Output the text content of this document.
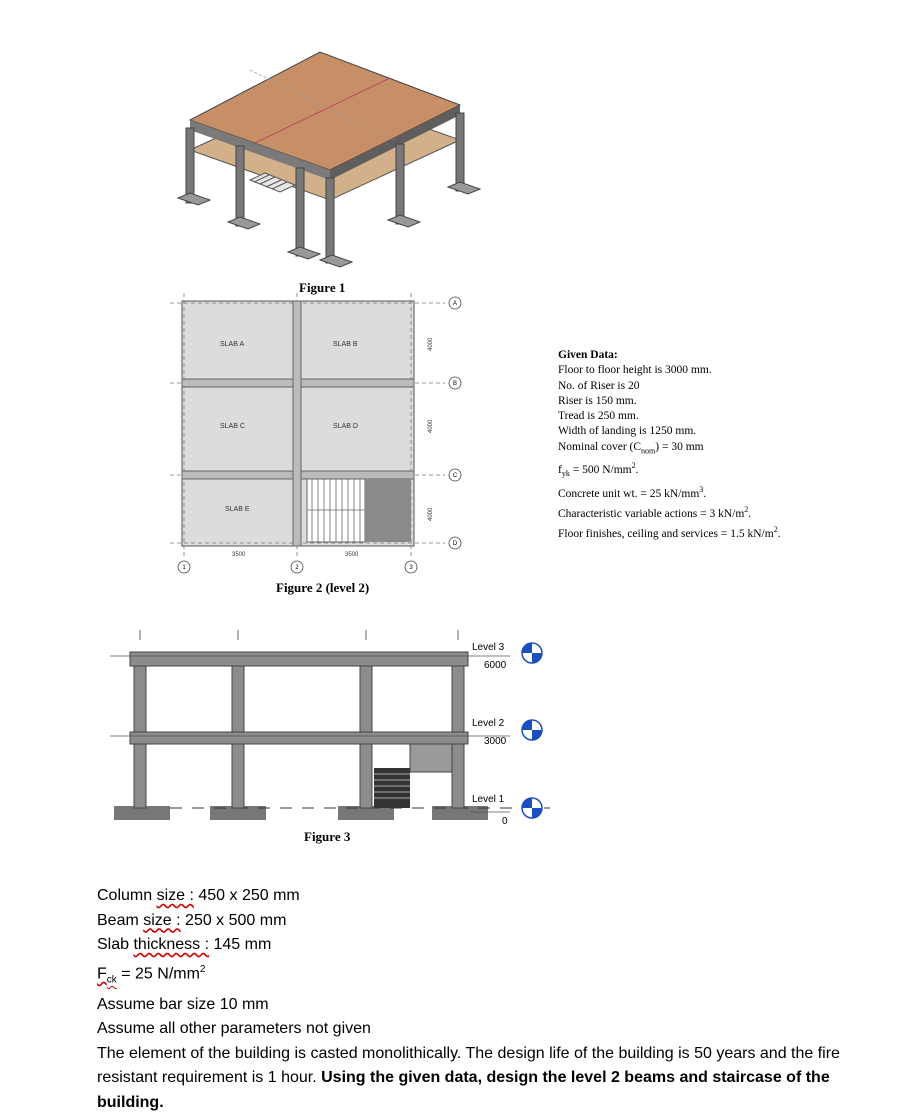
Figure 1
SLAB A	SLAB B
SLAB C	SLAB D
SLAB E
3500	3500
4000
4000
4000
A
B
C
D
1	2	3
Figure 2 (level 2)
Given Data:
Floor to floor height is 3000 mm.
No. of Riser is 20
Riser is 150 mm.
Tread is 250 mm.
Width of landing is 1250 mm.
Nominal cover $(C_{nom}) = 30$ mm
$f_{yk} = 500$ $N/mm^2$.
Concrete unit wt. = 25 $kN/mm^3$.
Characteristic variable actions = 3 $kN/m^2$.
Floor finishes, ceiling and services = 1.5 $kN/m^2$.
Level 3
6000
Level 2
3000
Level 1
0
Figure 3
Column size : 450 x 250 mm
Beam size : 250 x 500 mm
Slab thickness : 145 mm
$F_{ck} = 25$ $N/mm^2$
Assume bar size 10 mm
Assume all other parameters not given
The element of the building is casted monolithically. The design life of the building is 50 years and the fire resistant requirement is 1 hour. Using the given data, design the level 2 beams and staircase of the building.
